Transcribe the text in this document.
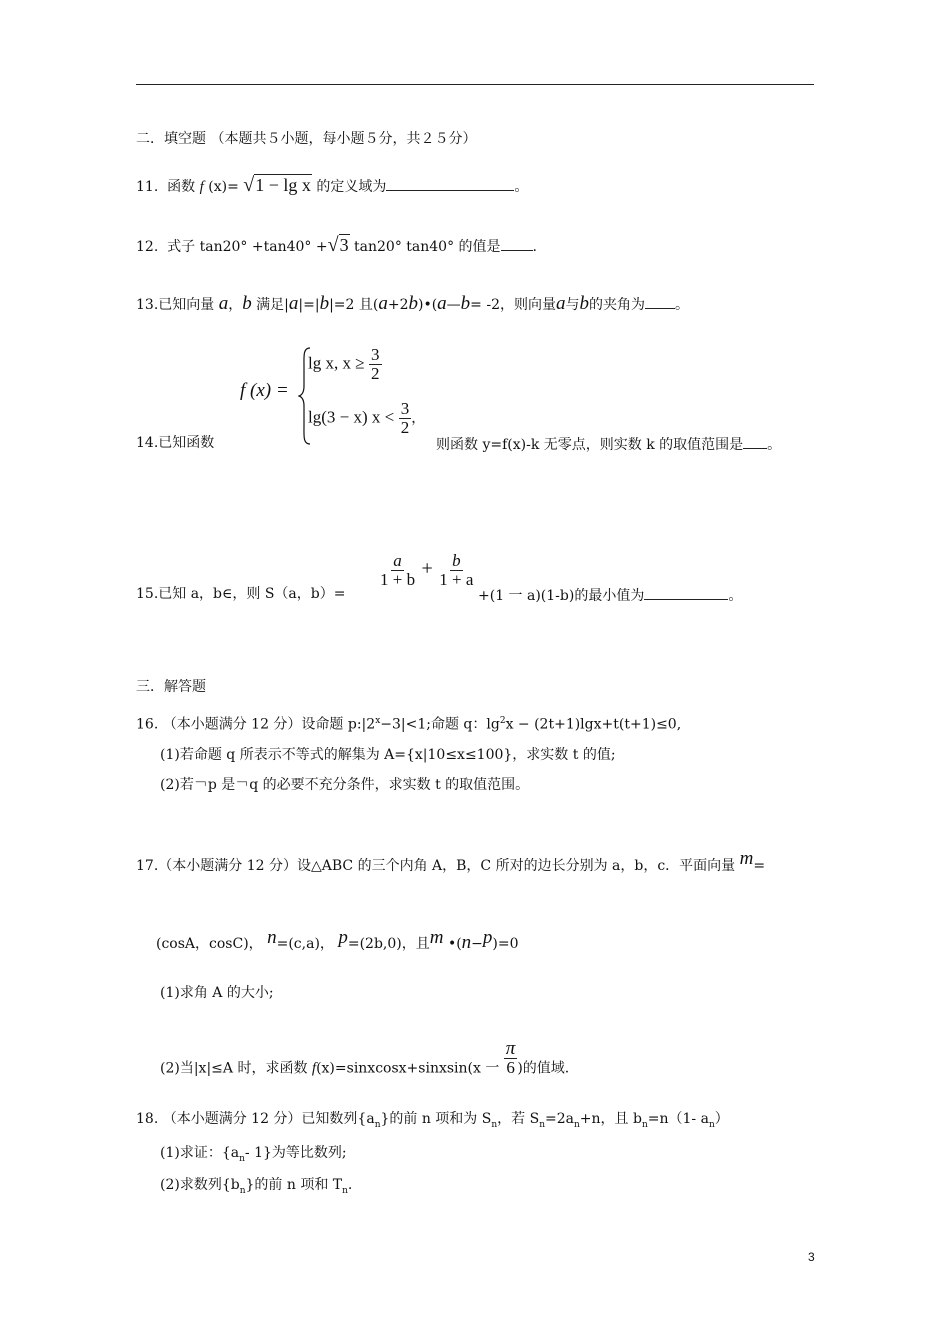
二．填空题 （本题共５小题，每小题５分，共２５分）
11. 函数 f (x)= √1 − lg x 的定义域为	。
12. 式子 tan20° +tan40° +√3 tan20° tan40° 的值是 .
13.已知向量 a，b 满足|a|=|b|=2 且(a+2b)•(a—b= -2，则向量a与b的夹角为 。
f (x) =
lg x, $x \ge \frac{3}{2}$
lg(3 − x) $x < \frac{3}{2}$ ，
14.已知函数	则函数 y=f(x)-k 无零点，则实数 k 的取值范围是 。
15.已知 a，b∈，则 S（a，b）=
$\frac{a}{1 + b} + \frac{b}{1 + a}$
+(1 一 a)(1-b)的最小值为	。
三．解答题
16. （本小题满分 12 分）设命题 $p:|2^x-3|<1$;命题 q：$\lg^2x - (2t+1)\lg x+t(t+1)\le 0$,
(1)若命题 q 所表示不等式的解集为 A={x|10≤x≤100}，求实数 t 的值;
(2)若￢p 是￢q 的必要不充分条件，求实数 t 的取值范围。
17.（本小题满分 12 分）设△ABC 的三个内角 A，B，C 所对的边长分别为 a，b，c．平面向量 m=
(cosA，cosC)， n=(c,a)， p=(2b,0)，且m •(n−p)=0
(1)求角 A 的大小;
(2)当|x|≤A 时，求函数 f(x)=sinxcosx+sinxsin(x 一 $\frac{\pi}{6}$ )的值域.
18. （本小题满分 12 分）已知数列$\{a_n\}$的前 n 项和为 $S_n$，若 $S_n=2a_n+n$，且 $b_n=n(1-$ $a_n$）
(1)求证：{$a_n-$ 1}为等比数列;
(2)求数列$\{b_n\}$的前 n 项和 $T_n$.
3
